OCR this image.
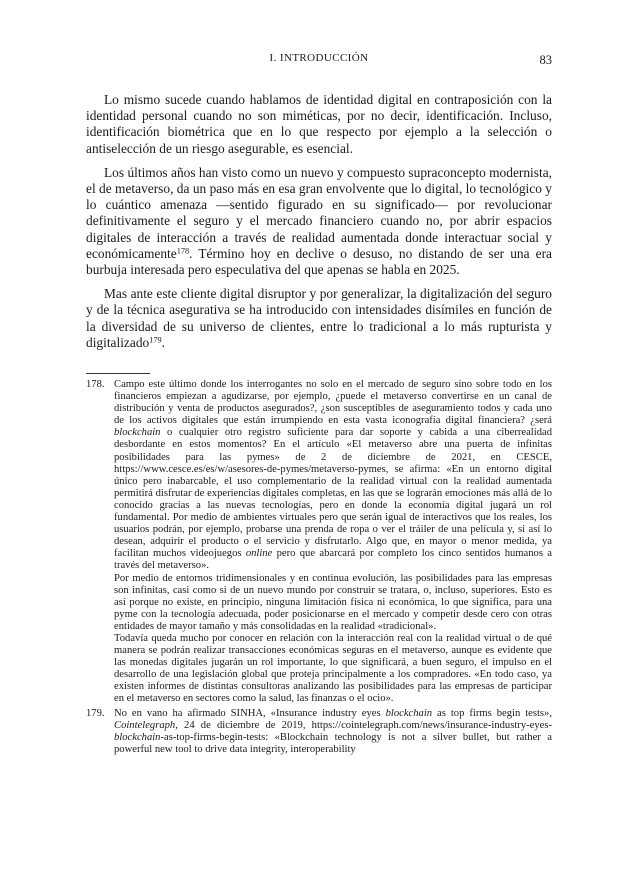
I. INTRODUCCIÓN	83

Lo mismo sucede cuando hablamos de identidad digital en contraposición con la identidad personal cuando no son miméticas, por no decir, identificación. Incluso, identificación biométrica que en lo que respecto por ejemplo a la selección o antiselección de un riesgo asegurable, es esencial.

Los últimos años han visto como un nuevo y compuesto supraconcepto modernista, el de metaverso, da un paso más en esa gran envolvente que lo digital, lo tecnológico y lo cuántico amenaza —sentido figurado en su significado— por revolucionar definitivamente el seguro y el mercado financiero cuando no, por abrir espacios digitales de interacción a través de realidad aumentada donde interactuar social y económicamente$^{178}$. Término hoy en declive o desuso, no distando de ser una era burbuja interesada pero especulativa del que apenas se habla en 2025.

Mas ante este cliente digital disruptor y por generalizar, la digitalización del seguro y de la técnica asegurativa se ha introducido con intensidades disímiles en función de la diversidad de su universo de clientes, entre lo tradicional a lo más rupturista y digitalizado$^{179}$.

178. Campo este último donde los interrogantes no solo en el mercado de seguro sino sobre todo en los financieros empiezan a agudizarse, por ejemplo, ¿puede el metaverso convertirse en un canal de distribución y venta de productos asegurados?, ¿son susceptibles de aseguramiento todos y cada uno de los activos digitales que están irrumpiendo en esta vasta iconografía digital financiera? ¿será blockchain o cualquier otro registro suficiente para dar soporte y cabida a una ciberrealidad desbordante en estos momentos? En el artículo «El metaverso abre una puerta de infinitas posibilidades para las pymes» de 2 de diciembre de 2021, en CESCE, https://www.cesce.es/es/w/asesores-de-pymes/metaverso-pymes, se afirma: «En un entorno digital único pero inabarcable, el uso complementario de la realidad virtual con la realidad aumentada permitirá disfrutar de experiencias digitales completas, en las que se lograrán emociones más allá de lo conocido gracias a las nuevas tecnologías, pero en donde la economía digital jugará un rol fundamental. Por medio de ambientes virtuales pero que serán igual de interactivos que los reales, los usuarios podrán, por ejemplo, probarse una prenda de ropa o ver el tráiler de una película y, si así lo desean, adquirir el producto o el servicio y disfrutarlo. Algo que, en mayor o menor medida, ya facilitan muchos videojuegos online pero que abarcará por completo los cinco sentidos humanos a través del metaverso».

Por medio de entornos tridimensionales y en continua evolución, las posibilidades para las empresas son infinitas, casi como si de un nuevo mundo por construir se tratara, o, incluso, superiores. Esto es así porque no existe, en principio, ninguna limitación física ni económica, lo que significa, para una pyme con la tecnología adecuada, poder posicionarse en el mercado y competir desde cero con otras entidades de mayor tamaño y más consolidadas en la realidad «tradicional».

Todavía queda mucho por conocer en relación con la interacción real con la realidad virtual o de qué manera se podrán realizar transacciones económicas seguras en el metaverso, aunque es evidente que las monedas digitales jugarán un rol importante, lo que significará, a buen seguro, el impulso en el desarrollo de una legislación global que proteja principalmente a los compradores. «En todo caso, ya existen informes de distintas consultoras analizando las posibilidades para las empresas de participar en el metaverso en sectores como la salud, las finanzas o el ocio».

179. No en vano ha afirmado SINHA, «Insurance industry eyes blockchain as top firms begin tests», Cointelegraph, 24 de diciembre de 2019, https://cointelegraph.com/news/insurance-industry-eyes-blockchain-as-top-firms-begin-tests: «Blockchain technology is not a silver bullet, but rather a powerful new tool to drive data integrity, interoperability
